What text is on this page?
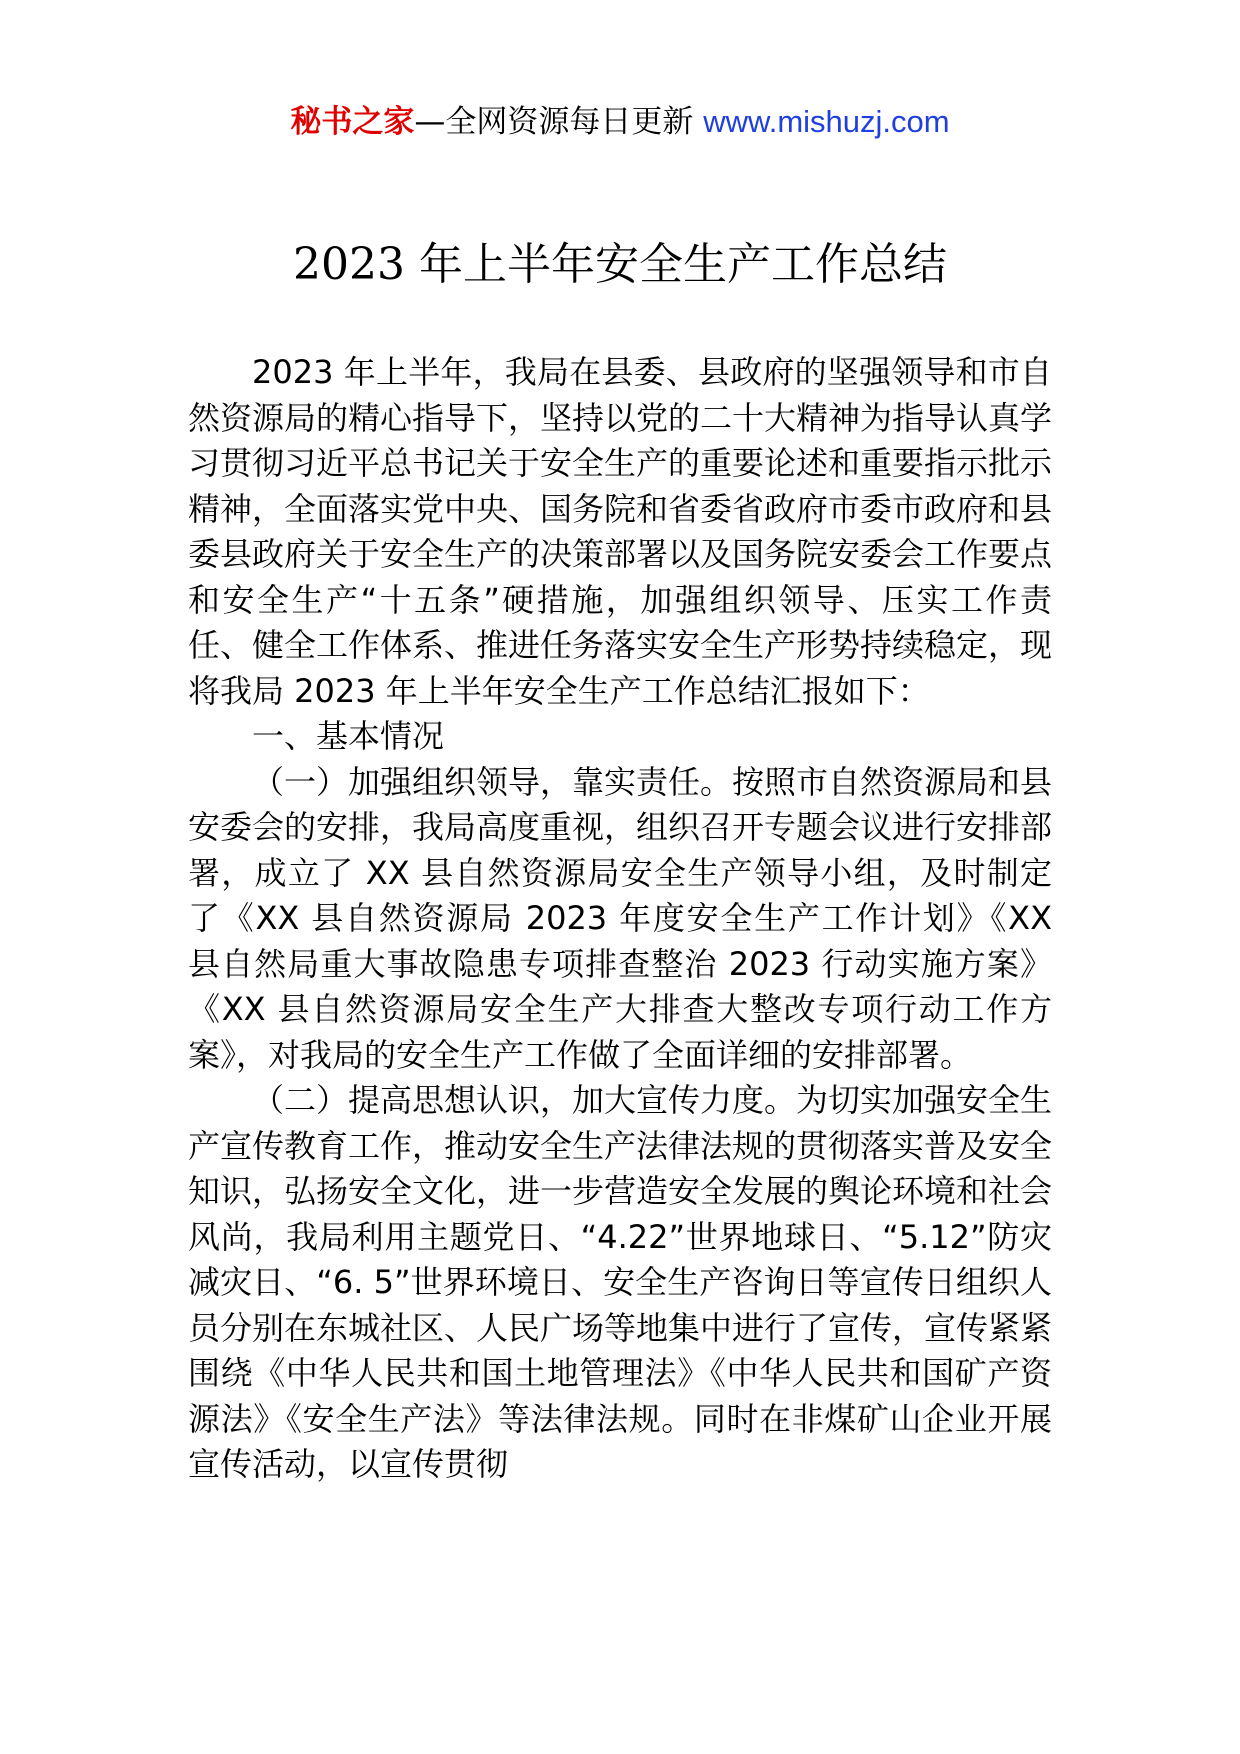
秘书之家—全网资源每日更新 www.mishuzj.com
2023 年上半年安全生产工作总结

2023 年上半年，我局在县委、县政府的坚强领导和市自然资源局的精心指导下，坚持以党的二十大精神为指导认真学习贯彻习近平总书记关于安全生产的重要论述和重要指示批示精神，全面落实党中央、国务院和省委省政府市委市政府和县委县政府关于安全生产的决策部署以及国务院安委会工作要点和安全生产“十五条”硬措施，加强组织领导、压实工作责任、健全工作体系、推进任务落实安全生产形势持续稳定，现将我局 2023 年上半年安全生产工作总结汇报如下：

一、基本情况

（一）加强组织领导，靠实责任。按照市自然资源局和县安委会的安排，我局高度重视，组织召开专题会议进行安排部署，成立了 XX 县自然资源局安全生产领导小组，及时制定了《XX 县自然资源局 2023 年度安全生产工作计划》《XX 县自然局重大事故隐患专项排查整治 2023 行动实施方案》《XX 县自然资源局安全生产大排查大整改专项行动工作方案》，对我局的安全生产工作做了全面详细的安排部署。

（二）提高思想认识，加大宣传力度。为切实加强安全生产宣传教育工作，推动安全生产法律法规的贯彻落实普及安全知识，弘扬安全文化，进一步营造安全发展的舆论环境和社会风尚，我局利用主题党日、“4.22”世界地球日、“5.12”防灾减灾日、“6. 5”世界环境日、安全生产咨询日等宣传日组织人员分别在东城社区、人民广场等地集中进行了宣传，宣传紧紧围绕《中华人民共和国土地管理法》《中华人民共和国矿产资源法》《安全生产法》等法律法规。同时在非煤矿山企业开展宣传活动，以宣传贯彻
